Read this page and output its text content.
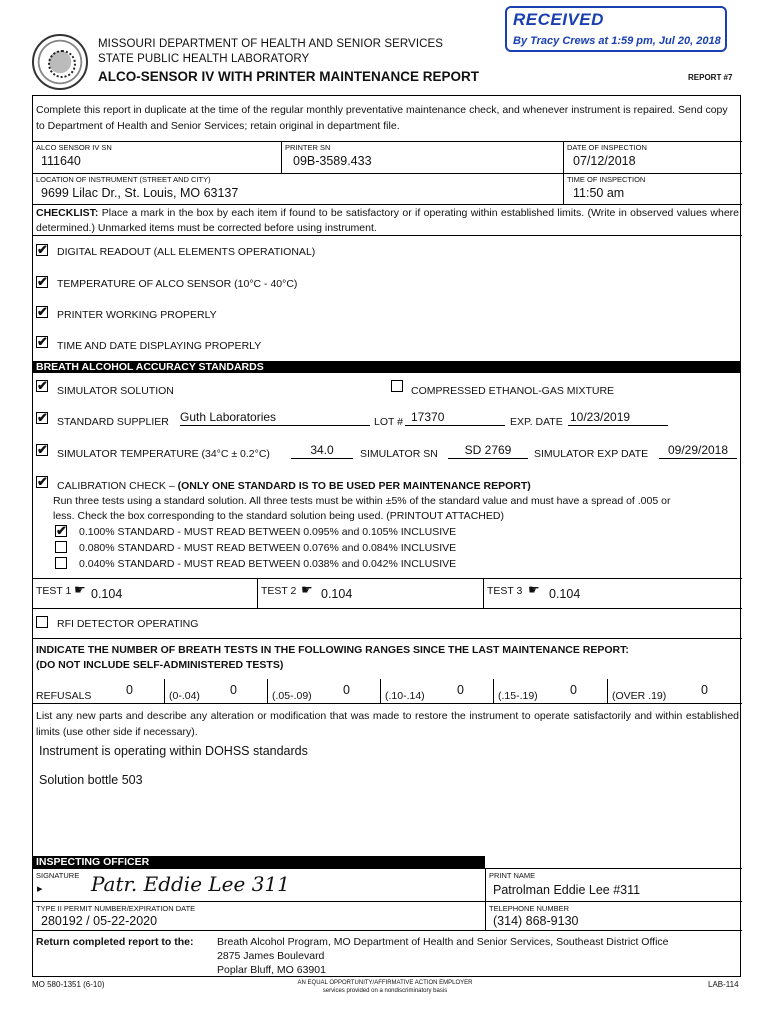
MISSOURI DEPARTMENT OF HEALTH AND SENIOR SERVICES
STATE PUBLIC HEALTH LABORATORY
ALCO-SENSOR IV WITH PRINTER MAINTENANCE REPORT	REPORT #7
RECEIVED
By Tracy Crews at 1:59 pm, Jul 20, 2018
Complete this report in duplicate at the time of the regular monthly preventative maintenance check, and whenever instrument is repaired. Send copy to Department of Health and Senior Services; retain original in department file.
ALCO SENSOR IV SN
111640
PRINTER SN
09B-3589.433
DATE OF INSPECTION
07/12/2018
LOCATION OF INSTRUMENT (STREET AND CITY)
9699 Lilac Dr., St. Louis, MO 63137
TIME OF INSPECTION
11:50 am
CHECKLIST: Place a mark in the box by each item if found to be satisfactory or if operating within established limits. (Write in observed values where determined.) Unmarked items must be corrected before using instrument.
✔ DIGITAL READOUT (ALL ELEMENTS OPERATIONAL)
✔ TEMPERATURE OF ALCO SENSOR (10°C - 40°C)
✔ PRINTER WORKING PROPERLY
✔ TIME AND DATE DISPLAYING PROPERLY
BREATH ALCOHOL ACCURACY STANDARDS
✔ SIMULATOR SOLUTION	COMPRESSED ETHANOL-GAS MIXTURE
✔ STANDARD SUPPLIER Guth Laboratories	LOT # 17370	EXP. DATE 10/23/2019
✔ SIMULATOR TEMPERATURE (34°C ± 0.2°C)	34.0	SIMULATOR SN	SD 2769	SIMULATOR EXP DATE	09/29/2018
✔ CALIBRATION CHECK – (ONLY ONE STANDARD IS TO BE USED PER MAINTENANCE REPORT)
Run three tests using a standard solution. All three tests must be within ±5% of the standard value and must have a spread of .005 or
less. Check the box corresponding to the standard solution being used. (PRINTOUT ATTACHED)
✔ 0.100% STANDARD - MUST READ BETWEEN 0.095% and 0.105% INCLUSIVE
0.080% STANDARD - MUST READ BETWEEN 0.076% and 0.084% INCLUSIVE
0.040% STANDARD - MUST READ BETWEEN 0.038% and 0.042% INCLUSIVE
TEST 1 ☛ 0.104	TEST 2 ☛ 0.104	TEST 3 ☛ 0.104
RFI DETECTOR OPERATING
INDICATE THE NUMBER OF BREATH TESTS IN THE FOLLOWING RANGES SINCE THE LAST MAINTENANCE REPORT:
(DO NOT INCLUDE SELF-ADMINISTERED TESTS)
REFUSALS	0	(0-.04) 0	(.05-.09)	0	(.10-.14)	0	(.15-.19)	0	(OVER .19)	0
List any new parts and describe any alteration or modification that was made to restore the instrument to operate satisfactorily and within established limits (use other side if necessary).
Instrument is operating within DOHSS standards
Solution bottle 503
INSPECTING OFFICER
SIGNATURE
▸ Patr. Eddie Lee 311	PRINT NAME
Patrolman Eddie Lee #311
TYPE II PERMIT NUMBER/EXPIRATION DATE
280192 / 05-22-2020
TELEPHONE NUMBER
(314) 868-9130
Return completed report to the: Breath Alcohol Program, MO Department of Health and Senior Services, Southeast District Office
2875 James Boulevard
Poplar Bluff, MO 63901
MO 580-1351 (6-10)	AN EQUAL OPPORTUNITY/AFFIRMATIVE ACTION EMPLOYER
services provided on a nondiscriminatory basis
LAB-114
